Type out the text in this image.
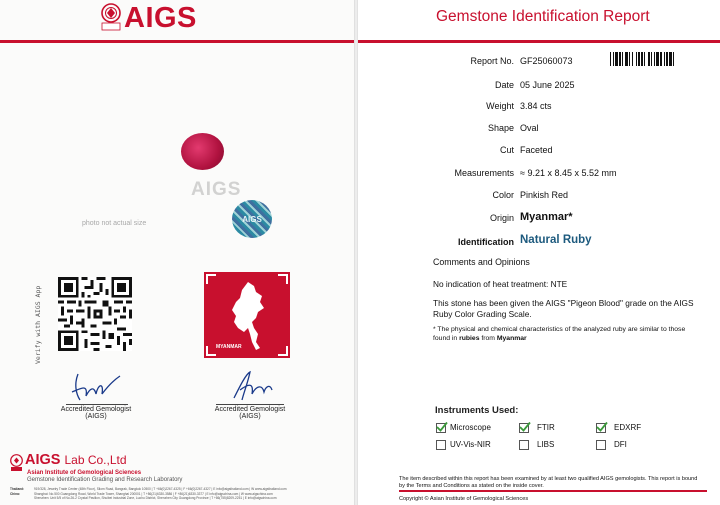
AIGS
AIGS
AIGS
photo not actual size
Verify with AIGS App	MYANMAR
Accredited Gemologist
(AIGS)
Accredited Gemologist
(AIGS)
AIGS Lab Co.,Ltd
Asian Institute of Gemological Sciences
Gemstone Identification Grading and Research Laboratory
Thailand:	919/328, Jewelry Trade Center (48th Floor), Silom Road, Bangrak, Bangkok 10500 | T +66(0)2267-4325 | F +66(0)2267-4327 | E info@aigsthailand.com | W www.aigsthailand.com
China:	Shanghai: No.500 Guangdong Road, World Trade Tower, Shanghai 200001 | T +86(21)6330-3586 | F +86(21)6330-3377 | E info@aigschina.com | W www.aigschina.com
Shenzhen: Unit 5/5 of No.26-2 Crystal Pavilion, Shuibei Industrial Zone, Luohu District, Shenzhen City Guangdong Province | T +86(755)8209-2251 | E info@aigschina.com
Gemstone Identification Report
Report No. GF25060073
Date 05 June 2025
Weight 3.84 cts
Shape Oval
Cut Faceted
Measurements ≈ 9.21 x 8.45 x 5.52 mm
Color Pinkish Red
Origin Myanmar*
Identification Natural Ruby
Comments and Opinions
No indication of heat treatment: NTE
This stone has been given the AIGS "Pigeon Blood" grade on the AIGS Ruby Color Grading Scale.
* The physical and chemical characteristics of the analyzed ruby are similar to those found in rubies from Myanmar
Instruments Used:
Microscope	FTIR	EDXRF
UV-Vis-NIR	LIBS	DFI
The item described within this report has been examined by at least two qualified AIGS gemologists. This report is bound by the Terms and Conditions as stated on the inside cover.
Copyright © Asian Institute of Gemological Sciences
